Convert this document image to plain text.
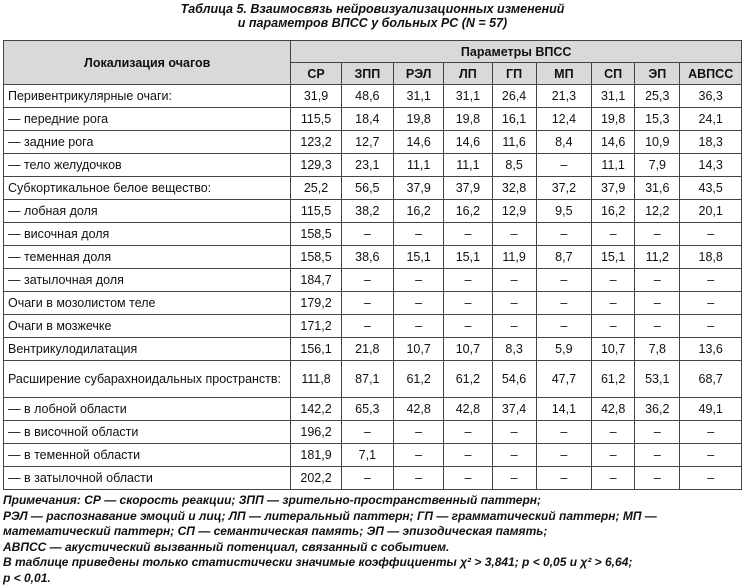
Таблица 5. Взаимосвязь нейровизуализационных изменений
и параметров ВПСС у больных РС (N = 57)
Локализация очагов	Параметры ВПСС								
	СР	ЗПП	РЭЛ	ЛП	ГП	МП	СП	ЭП	АВПСС
Перивентрикулярные очаги:	31,9	48,6	31,1	31,1	26,4	21,3	31,1	25,3	36,3
— передние рога	115,5	18,4	19,8	19,8	16,1	12,4	19,8	15,3	24,1
— задние рога	123,2	12,7	14,6	14,6	11,6	8,4	14,6	10,9	18,3
— тело желудочков	129,3	23,1	11,1	11,1	8,5	–	11,1	7,9	14,3
Субкортикальное белое вещество:	25,2	56,5	37,9	37,9	32,8	37,2	37,9	31,6	43,5
— лобная доля	115,5	38,2	16,2	16,2	12,9	9,5	16,2	12,2	20,1
— височная доля	158,5	–	–	–	–	–	–	–	–
— теменная доля	158,5	38,6	15,1	15,1	11,9	8,7	15,1	11,2	18,8
— затылочная доля	184,7	–	–	–	–	–	–	–	–
Очаги в мозолистом теле	179,2	–	–	–	–	–	–	–	–
Очаги в мозжечке	171,2	–	–	–	–	–	–	–	–
Вентрикулодилатация	156,1	21,8	10,7	10,7	8,3	5,9	10,7	7,8	13,6
Расширение субарахноидальных пространств:	111,8	87,1	61,2	61,2	54,6	47,7	61,2	53,1	68,7
— в лобной области	142,2	65,3	42,8	42,8	37,4	14,1	42,8	36,2	49,1
— в височной области	196,2	–	–	–	–	–	–	–	–
— в теменной области	181,9	7,1	–	–	–	–	–	–	–
— в затылочной области	202,2	–	–	–	–	–	–	–	–
Примечания: СР — скорость реакции; ЗПП — зрительно-пространственный паттерн;
РЭЛ — распознавание эмоций и лиц; ЛП — литеральный паттерн; ГП — грамматический паттерн; МП —
математический паттерн; СП — семантическая память; ЭП — эпизодическая память;
АВПСС — акустический вызванный потенциал, связанный с событием.
В таблице приведены только статистически значимые коэффициенты χ² > 3,841; p < 0,05 и χ² > 6,64;
p < 0,01.
